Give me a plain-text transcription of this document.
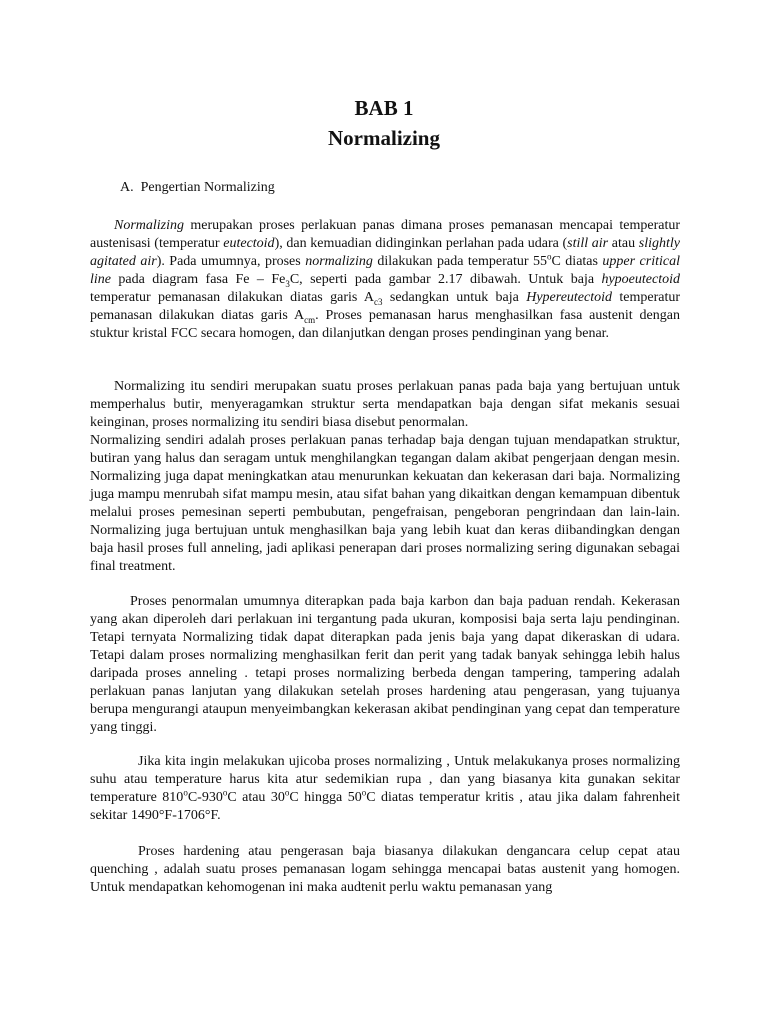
BAB 1
Normalizing
A. Pengertian Normalizing

Normalizing merupakan proses perlakuan panas dimana proses pemanasan mencapai temperatur austenisasi (temperatur eutectoid), dan kemuadian didinginkan perlahan pada udara (still air atau slightly agitated air). Pada umumnya, proses normalizing dilakukan pada temperatur 55$^o$C diatas upper critical line pada diagram fasa Fe – $Fe_3C$, seperti pada gambar 2.17 dibawah. Untuk baja hypoeutectoid temperatur pemanasan dilakukan diatas garis $A_{c3}$ sedangkan untuk baja Hypereutectoid temperatur pemanasan dilakukan diatas garis $A_{cm}$. Proses pemanasan harus menghasilkan fasa austenit dengan stuktur kristal FCC secara homogen, dan dilanjutkan dengan proses pendinginan yang benar.

Normalizing itu sendiri merupakan suatu proses perlakuan panas pada baja yang bertujuan untuk memperhalus butir, menyeragamkan struktur serta mendapatkan baja dengan sifat mekanis sesuai keinginan, proses normalizing itu sendiri biasa disebut penormalan.

Normalizing sendiri adalah proses perlakuan panas terhadap baja dengan tujuan mendapatkan struktur, butiran yang halus dan seragam untuk menghilangkan tegangan dalam akibat pengerjaan dengan mesin. Normalizing juga dapat meningkatkan atau menurunkan kekuatan dan kekerasan dari baja. Normalizing juga mampu menrubah sifat mampu mesin, atau sifat bahan yang dikaitkan dengan kemampuan dibentuk melalui proses pemesinan seperti pembubutan, pengefraisan, pengeboran pengrindaan dan lain-lain. Normalizing juga bertujuan untuk menghasilkan baja yang lebih kuat dan keras diibandingkan dengan baja hasil proses full anneling, jadi aplikasi penerapan dari proses normalizing sering digunakan sebagai final treatment.

Proses penormalan umumnya diterapkan pada baja karbon dan baja paduan rendah. Kekerasan yang akan diperoleh dari perlakuan ini tergantung pada ukuran, komposisi baja serta laju pendinginan. Tetapi ternyata Normalizing tidak dapat diterapkan pada jenis baja yang dapat dikeraskan di udara. Tetapi dalam proses normalizing menghasilkan ferit dan perit yang tadak banyak sehingga lebih halus daripada proses anneling . tetapi proses normalizing berbeda dengan tampering, tampering adalah perlakuan panas lanjutan yang dilakukan setelah proses hardening atau pengerasan, yang tujuanya berupa mengurangi ataupun menyeimbangkan kekerasan akibat pendinginan yang cepat dan temperature yang tinggi.

Jika kita ingin melakukan ujicoba proses normalizing , Untuk melakukanya proses normalizing suhu atau temperature harus kita atur sedemikian rupa , dan yang biasanya kita gunakan sekitar temperature 810$^o$C-930$^o$C atau 30$^o$C hingga 50$^o$C diatas temperatur kritis , atau jika dalam fahrenheit sekitar 1490°F-1706°F.

Proses hardening atau pengerasan baja biasanya dilakukan dengancara celup cepat atau quenching , adalah suatu proses pemanasan logam sehingga mencapai batas austenit yang homogen. Untuk mendapatkan kehomogenan ini maka audtenit perlu waktu pemanasan yang
